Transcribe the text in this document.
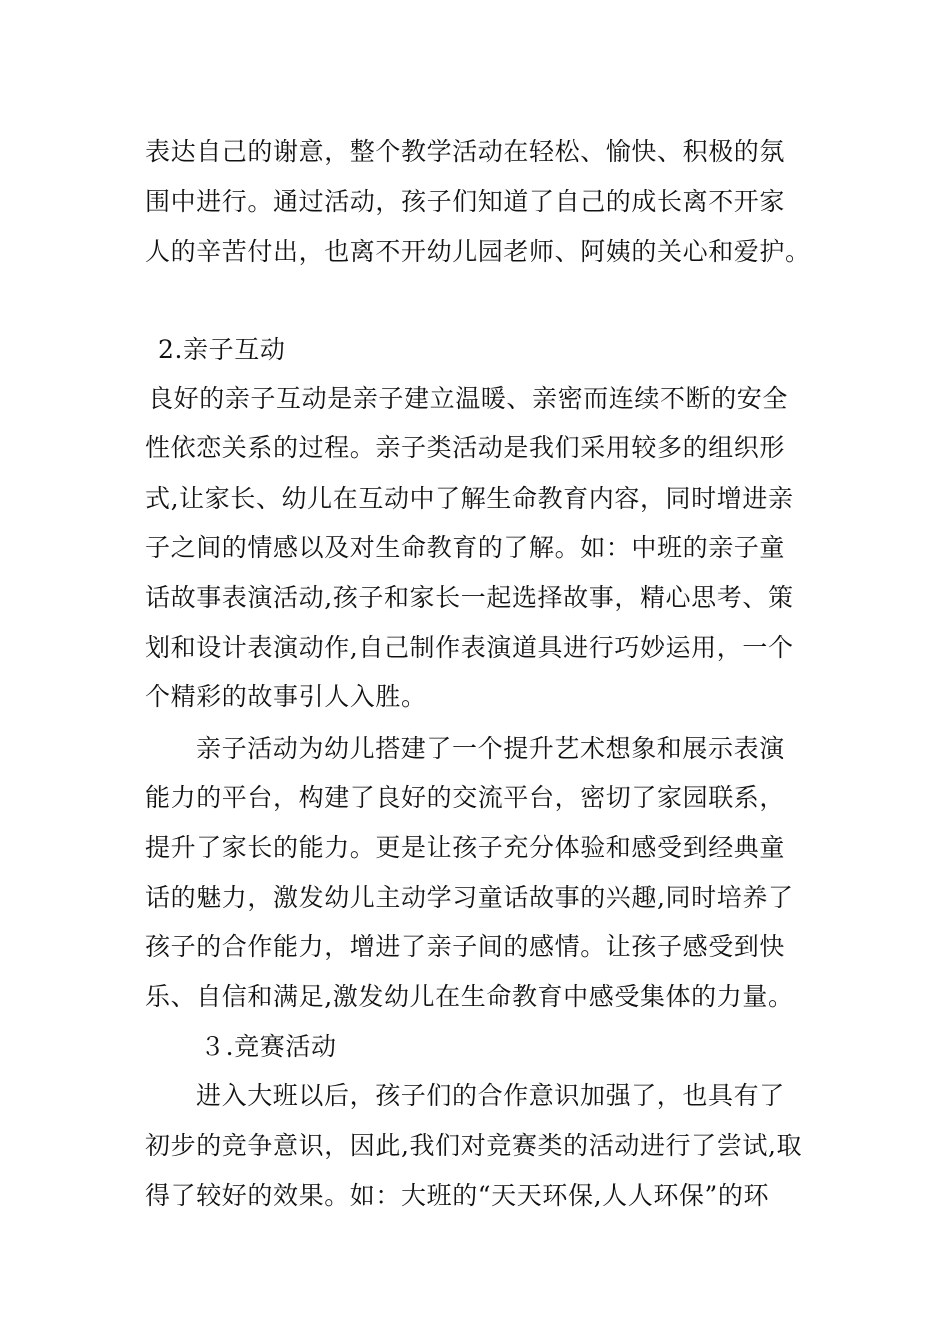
表达自己的谢意，整个教学活动在轻松、愉快、积极的氛
围中进行。通过活动，孩子们知道了自己的成长离不开家
人的辛苦付出，也离不开幼儿园老师、阿姨的关心和爱护。
2.亲子互动
良好的亲子互动是亲子建立温暖、亲密而连续不断的安全
性依恋关系的过程。亲子类活动是我们采用较多的组织形
式,让家长、幼儿在互动中了解生命教育内容，同时增进亲
子之间的情感以及对生命教育的了解。如：中班的亲子童
话故事表演活动,孩子和家长一起选择故事，精心思考、策
划和设计表演动作,自己制作表演道具进行巧妙运用，一个
个精彩的故事引人入胜。
亲子活动为幼儿搭建了一个提升艺术想象和展示表演
能力的平台，构建了良好的交流平台，密切了家园联系，
提升了家长的能力。更是让孩子充分体验和感受到经典童
话的魅力，激发幼儿主动学习童话故事的兴趣,同时培养了
孩子的合作能力，增进了亲子间的感情。让孩子感受到快
乐、自信和满足,激发幼儿在生命教育中感受集体的力量。
３.竞赛活动
进入大班以后，孩子们的合作意识加强了，也具有了
初步的竞争意识，因此,我们对竞赛类的活动进行了尝试,取
得了较好的效果。如：大班的“天天环保,人人环保”的环
